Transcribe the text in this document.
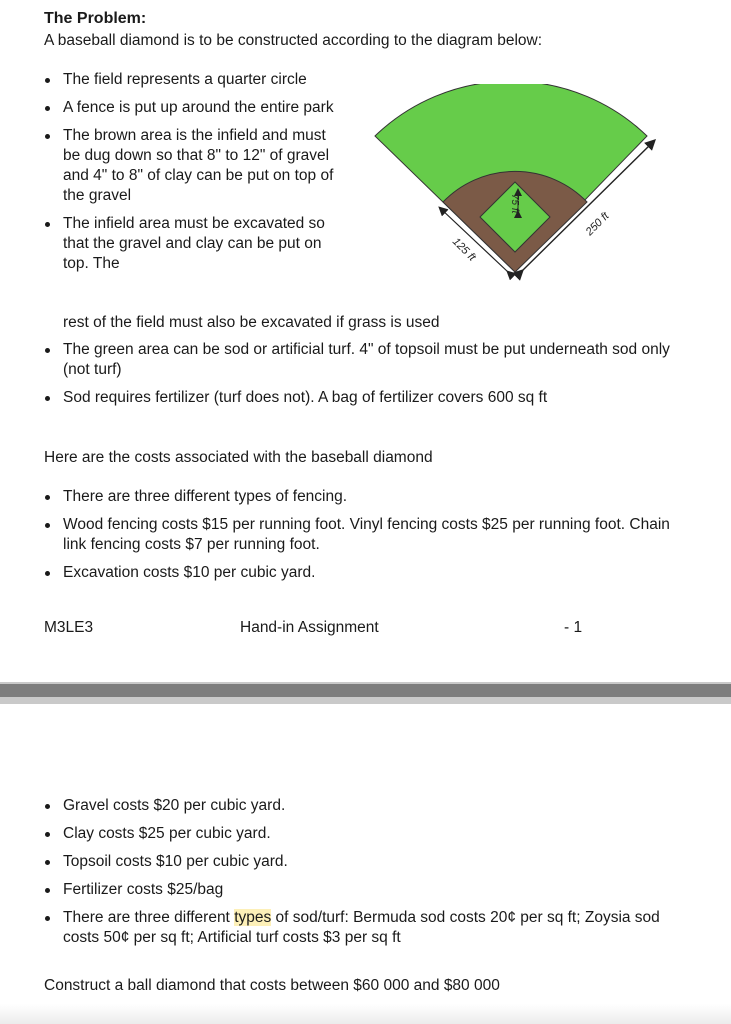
The Problem:
A baseball diamond is to be constructed according to the diagram below:
The field represents a quarter circle
A fence is put up around the entire park
The brown area is the infield and must be dug down so that 8" to 12" of gravel and 4" to 8" of clay can be put on top of the gravel
The infield area must be excavated so that the gravel and clay can be put on top. The
rest of the field must also be excavated if grass is used
The green area can be sod or artificial turf. 4" of topsoil must be put underneath sod only (not turf)
Sod requires fertilizer (turf does not). A bag of fertilizer covers 600 sq ft
250 ft
125 ft
75 ft
Here are the costs associated with the baseball diamond
There are three different types of fencing.
Wood fencing costs $15 per running foot. Vinyl fencing costs $25 per running foot. Chain link fencing costs $7 per running foot.
Excavation costs $10 per cubic yard.
M3LE3	Hand-in Assignment	- 1
Gravel costs $20 per cubic yard.
Clay costs $25 per cubic yard.
Topsoil costs $10 per cubic yard.
Fertilizer costs $25/bag
There are three different types of sod/turf: Bermuda sod costs 20¢ per sq ft; Zoysia sod costs 50¢ per sq ft; Artificial turf costs $3 per sq ft
Construct a ball diamond that costs between $60 000 and $80 000
